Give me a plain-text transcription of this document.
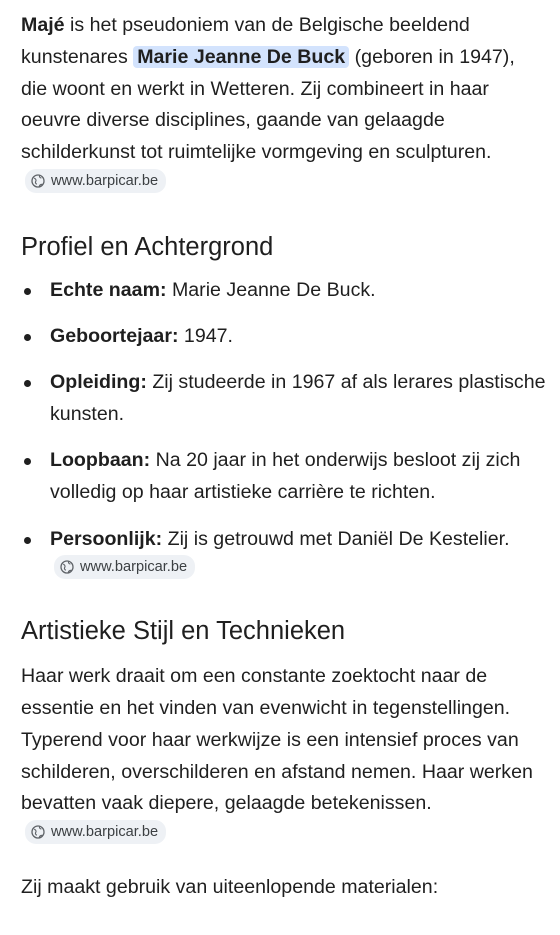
Majé is het pseudoniem van de Belgische beeldend kunstenares Marie Jeanne De Buck (geboren in 1947), die woont en werkt in Wetteren. Zij combineert in haar oeuvre diverse disciplines, gaande van gelaagde schilderkunst tot ruimtelijke vormgeving en sculpturen.
www.barpicar.be

Profiel en Achtergrond
Echte naam: Marie Jeanne De Buck.
Geboortejaar: 1947.
Opleiding: Zij studeerde in 1967 af als lerares plastische kunsten.
Loopbaan: Na 20 jaar in het onderwijs besloot zij zich volledig op haar artistieke carrière te richten.
Persoonlijk: Zij is getrouwd met Daniël De Kestelier.
www.barpicar.be
Artistieke Stijl en Technieken

Haar werk draait om een constante zoektocht naar de essentie en het vinden van evenwicht in tegenstellingen. Typerend voor haar werkwijze is een intensief proces van schilderen, overschilderen en afstand nemen. Haar werken bevatten vaak diepere, gelaagde betekenissen.
www.barpicar.be

Zij maakt gebruik van uiteenlopende materialen:
